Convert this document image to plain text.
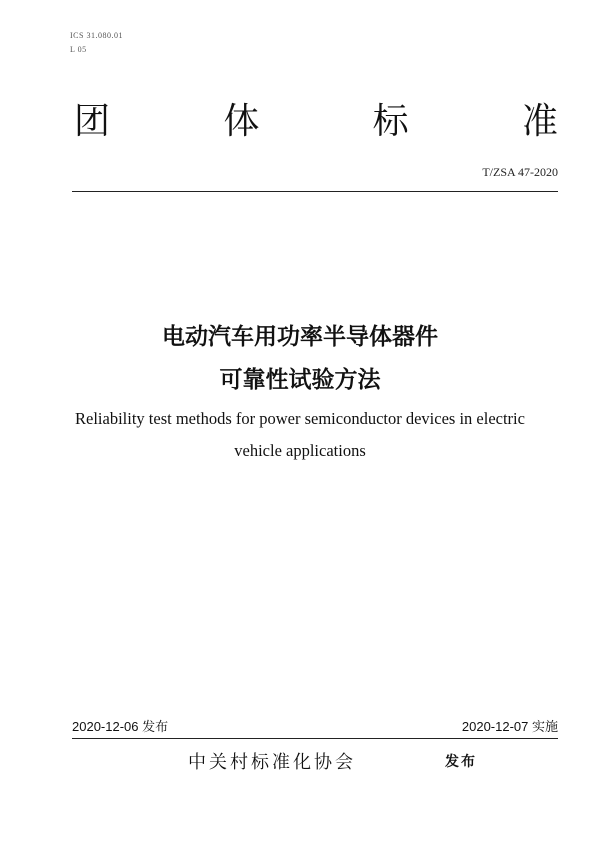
ICS 31.080.01
L 05
团	体	标	准
T/ZSA 47-2020
电动汽车用功率半导体器件
可靠性试验方法
Reliability test methods for power semiconductor devices in electric
vehicle applications
2020-12-06 发布	2020-12-07 实施
中关村标准化协会	发布
